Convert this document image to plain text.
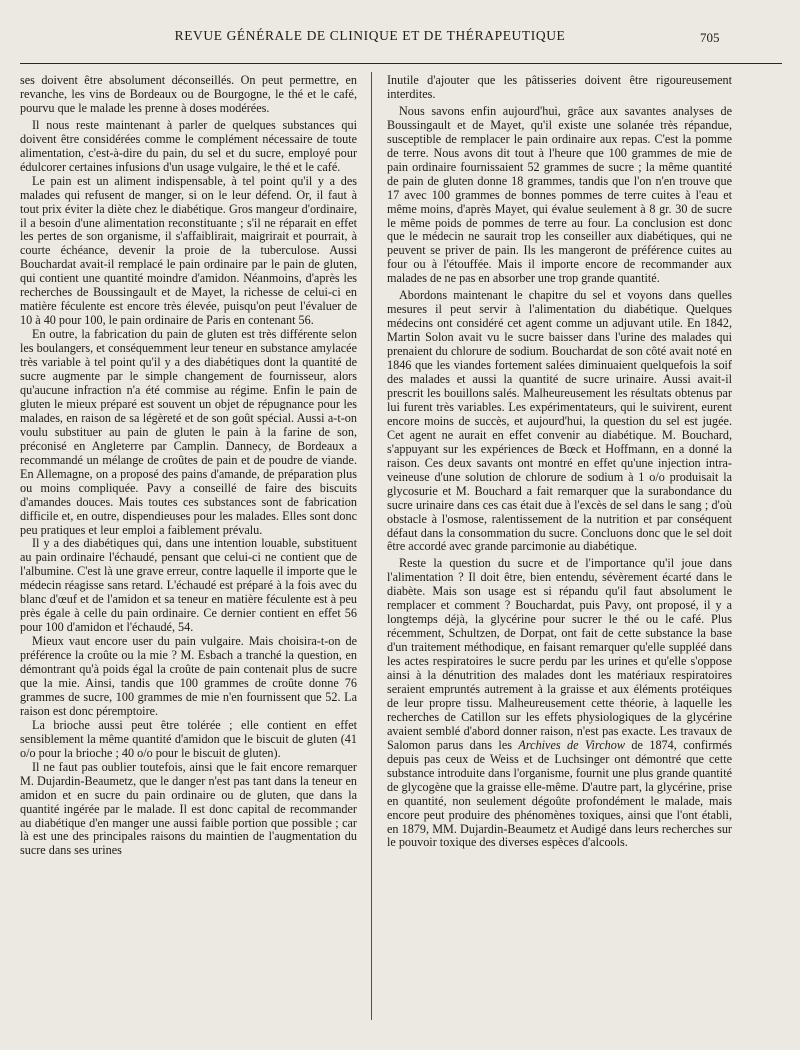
REVUE GÉNÉRALE DE CLINIQUE ET DE THÉRAPEUTIQUE	705

ses doivent être absolument déconseillés. On peut permettre, en revanche, les vins de Bordeaux ou de Bourgogne, le thé et le café, pourvu que le malade les prenne à doses modérées.

Il nous reste maintenant à parler de quelques substances qui doivent être considérées comme le complément nécessaire de toute alimentation, c'est-à-dire du pain, du sel et du sucre, employé pour édulcorer certaines infusions d'un usage vulgaire, le thé et le café.

Le pain est un aliment indispensable, à tel point qu'il y a des malades qui refusent de manger, si on le leur défend. Or, il faut à tout prix éviter la diète chez le diabétique. Gros mangeur d'ordinaire, il a besoin d'une alimentation reconstituante ; s'il ne réparait en effet les pertes de son organisme, il s'affaiblirait, maigrirait et pourrait, à courte échéance, devenir la proie de la tuberculose. Aussi Bouchardat avait-il remplacé le pain ordinaire par le pain de gluten, qui contient une quantité moindre d'amidon. Néanmoins, d'après les recherches de Boussingault et de Mayet, la richesse de celui-ci en matière féculente est encore très élevée, puisqu'on peut l'évaluer de 10 à 40 pour 100, le pain ordinaire de Paris en contenant 56.

En outre, la fabrication du pain de gluten est très différente selon les boulangers, et conséquemment leur teneur en substance amylacée très variable à tel point qu'il y a des diabétiques dont la quantité de sucre augmente par le simple changement de fournisseur, alors qu'aucune infraction n'a été commise au régime. Enfin le pain de gluten le mieux préparé est souvent un objet de répugnance pour les malades, en raison de sa légèreté et de son goût spécial. Aussi a-t-on voulu substituer au pain de gluten le pain à la farine de son, préconisé en Angleterre par Camplin. Dannecy, de Bordeaux a recommandé un mélange de croûtes de pain et de poudre de viande. En Allemagne, on a proposé des pains d'amande, de préparation plus ou moins compliquée. Pavy a conseillé de faire des biscuits d'amandes douces. Mais toutes ces substances sont de fabrication difficile et, en outre, dispendieuses pour les malades. Elles sont donc peu pratiques et leur emploi a faiblement prévalu.

Il y a des diabétiques qui, dans une intention louable, substituent au pain ordinaire l'échaudé, pensant que celui-ci ne contient que de l'albumine. C'est là une grave erreur, contre laquelle il importe que le médecin réagisse sans retard. L'échaudé est préparé à la fois avec du blanc d'œuf et de l'amidon et sa teneur en matière féculente est à peu près égale à celle du pain ordinaire. Ce dernier contient en effet 56 pour 100 d'amidon et l'échaudé, 54.

Mieux vaut encore user du pain vulgaire. Mais choisira-t-on de préférence la croûte ou la mie ? M. Esbach a tranché la question, en démontrant qu'à poids égal la croûte de pain contenait plus de sucre que la mie. Ainsi, tandis que 100 grammes de croûte donne 76 grammes de sucre, 100 grammes de mie n'en fournissent que 52. La raison est donc péremptoire.

La brioche aussi peut être tolérée ; elle contient en effet sensiblement la même quantité d'amidon que le biscuit de gluten (41 o/o pour la brioche ; 40 o/o pour le biscuit de gluten).

Il ne faut pas oublier toutefois, ainsi que le fait encore remarquer M. Dujardin-Beaumetz, que le danger n'est pas tant dans la teneur en amidon et en sucre du pain ordinaire ou de gluten, que dans la quantité ingérée par le malade. Il est donc capital de recommander au diabétique d'en manger une aussi faible portion que possible ; car là est une des principales raisons du maintien de l'augmentation du sucre dans ses urines

Inutile d'ajouter que les pâtisseries doivent être rigoureusement interdites.

Nous savons enfin aujourd'hui, grâce aux savantes analyses de Boussingault et de Mayet, qu'il existe une solanée très répandue, susceptible de remplacer le pain ordinaire aux repas. C'est la pomme de terre. Nous avons dit tout à l'heure que 100 grammes de mie de pain ordinaire fournissaient 52 grammes de sucre ; la même quantité de pain de gluten donne 18 grammes, tandis que l'on n'en trouve que 17 avec 100 grammes de bonnes pommes de terre cuites à l'eau et même moins, d'après Mayet, qui évalue seulement à 8 gr. 30 de sucre le même poids de pommes de terre au four. La conclusion est donc que le médecin ne saurait trop les conseiller aux diabétiques, qui ne peuvent se priver de pain. Ils les mangeront de préférence cuites au four ou à l'étouffée. Mais il importe encore de recommander aux malades de ne pas en absorber une trop grande quantité.

Abordons maintenant le chapitre du sel et voyons dans quelles mesures il peut servir à l'alimentation du diabétique. Quelques médecins ont considéré cet agent comme un adjuvant utile. En 1842, Martin Solon avait vu le sucre baisser dans l'urine des malades qui prenaient du chlorure de sodium. Bouchardat de son côté avait noté en 1846 que les viandes fortement salées diminuaient quelquefois la soif des malades et aussi la quantité de sucre urinaire. Aussi avait-il prescrit les bouillons salés. Malheureusement les résultats obtenus par lui furent très variables. Les expérimentateurs, qui le suivirent, eurent encore moins de succès, et aujourd'hui, la question du sel est jugée. Cet agent ne aurait en effet convenir au diabétique. M. Bouchard, s'appuyant sur les expériences de Bœck et Hoffmann, en a donné la raison. Ces deux savants ont montré en effet qu'une injection intra-veineuse d'une solution de chlorure de sodium à 1 o/o produisait la glycosurie et M. Bouchard a fait remarquer que la surabondance du sucre urinaire dans ces cas était due à l'excès de sel dans le sang ; d'où obstacle à l'osmose, ralentissement de la nutrition et par conséquent défaut dans la consommation du sucre. Concluons donc que le sel doit être accordé avec grande parcimonie au diabétique.

Reste la question du sucre et de l'importance qu'il joue dans l'alimentation ? Il doit être, bien entendu, sévèrement écarté dans le diabète. Mais son usage est si répandu qu'il faut absolument le remplacer et comment ? Bouchardat, puis Pavy, ont proposé, il y a longtemps déjà, la glycérine pour sucrer le thé ou le café. Plus récemment, Schultzen, de Dorpat, ont fait de cette substance la base d'un traitement méthodique, en faisant remarquer qu'elle suppléé dans les actes respiratoires le sucre perdu par les urines et qu'elle s'oppose ainsi à la dénutrition des malades dont les matériaux respiratoires seraient empruntés autrement à la graisse et aux éléments protéiques de leur propre tissu. Malheureusement cette théorie, à laquelle les recherches de Catillon sur les effets physiologiques de la glycérine avaient semblé d'abord donner raison, n'est pas exacte. Les travaux de Salomon parus dans les Archives de Virchow de 1874, confirmés depuis pas ceux de Weiss et de Luchsinger ont démontré que cette substance introduite dans l'organisme, fournit une plus grande quantité de glycogène que la graisse elle-même. D'autre part, la glycérine, prise en quantité, non seulement dégoûte profondément le malade, mais encore peut produire des phénomènes toxiques, ainsi que l'ont établi, en 1879, MM. Dujardin-Beaumetz et Audigé dans leurs recherches sur le pouvoir toxique des diverses espèces d'alcools.
